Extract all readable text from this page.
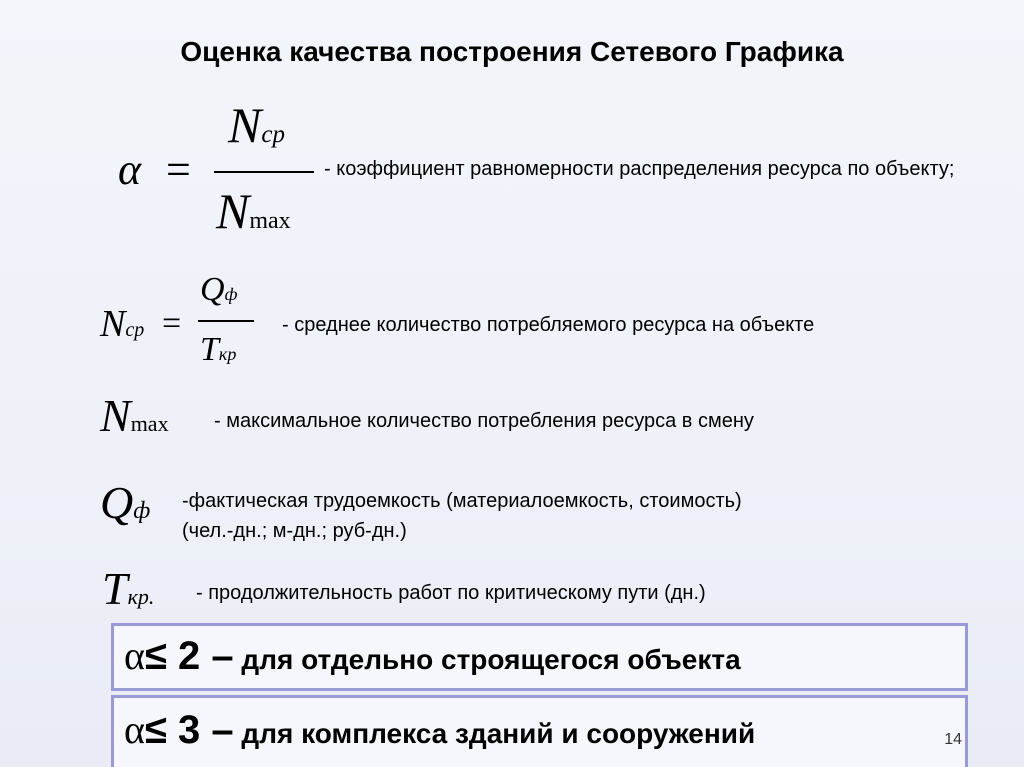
Оценка качества построения Сетевого Графика
α =
Nср
Nmax
- коэффициент равномерности распределения ресурса по объекту;
Nср =
Qф
Tкр
- среднее количество потребляемого ресурса на объекте
Nmax - максимальное количество потребления ресурса в смену
Qф -фактическая трудоемкость (материалоемкость, стоимость)
(чел.-дн.; м-дн.; руб-дн.)
Tкр. - продолжительность работ по критическому пути (дн.)
α≤ 2 – для отдельно строящегося объекта
α≤ 3 – для комплекса зданий и сооружений	14
